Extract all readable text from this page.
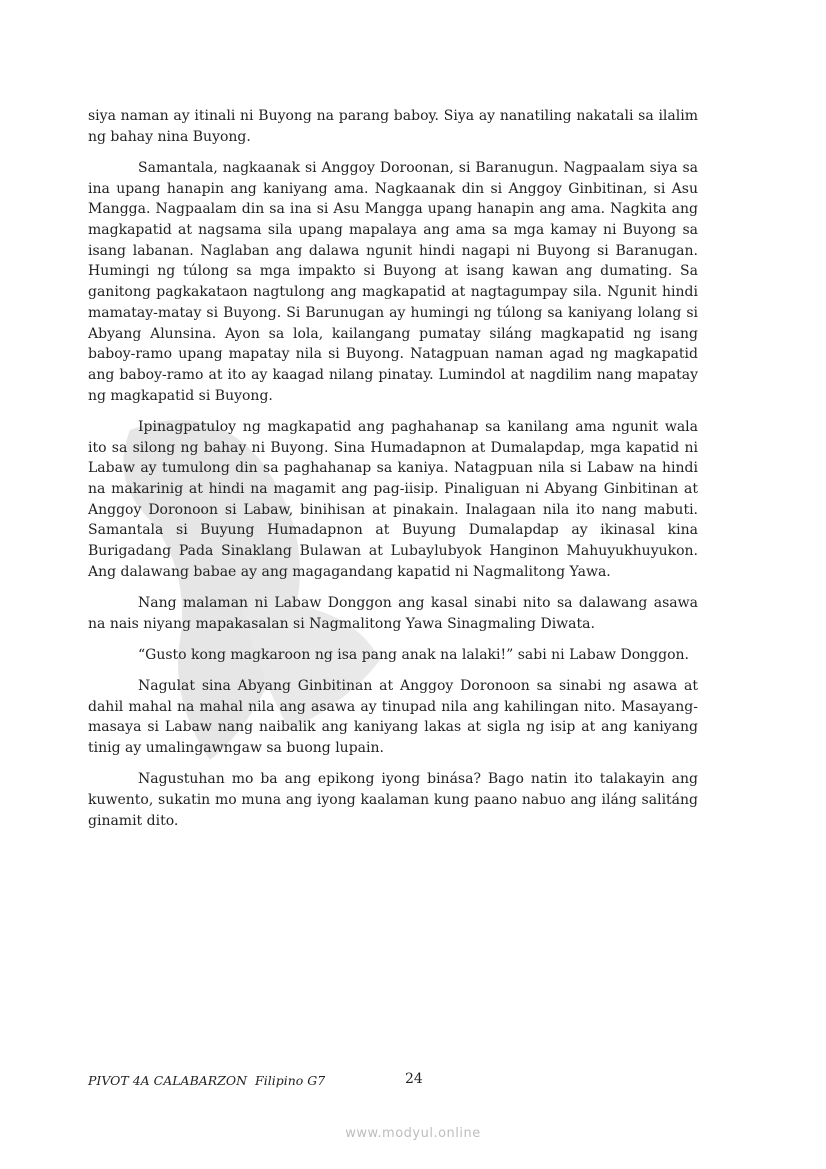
siya naman ay itinali ni Buyong na parang baboy. Siya ay nanatiling nakatali sa ilalim ng bahay nina Buyong.

Samantala, nagkaanak si Anggoy Doroonan, si Baranugun. Nagpaalam siya sa ina upang hanapin ang kaniyang ama. Nagkaanak din si Anggoy Ginbitinan, si Asu Mangga. Nagpaalam din sa ina si Asu Mangga upang hanapin ang ama. Nagkita ang magkapatid at nagsama sila upang mapalaya ang ama sa mga kamay ni Buyong sa isang labanan. Naglaban ang dalawa ngunit hindi nagapi ni Buyong si Baranugan. Humingi ng túlong sa mga impakto si Buyong at isang kawan ang dumating. Sa ganitong pagkakataon nagtulong ang magkapatid at nagtagumpay sila. Ngunit hindi mamatay-matay si Buyong. Si Barunugan ay humingi ng túlong sa kaniyang lolang si Abyang Alunsina. Ayon sa lola, kailangang pumatay siláng magkapatid ng isang baboy-ramo upang mapatay nila si Buyong. Natagpuan naman agad ng magkapatid ang baboy-ramo at ito ay kaagad nilang pinatay. Lumindol at nagdilim nang mapatay ng magkapatid si Buyong.

Ipinagpatuloy ng magkapatid ang paghahanap sa kanilang ama ngunit wala ito sa silong ng bahay ni Buyong. Sina Humadapnon at Dumalapdap, mga kapatid ni Labaw ay tumulong din sa paghahanap sa kaniya. Natagpuan nila si Labaw na hindi na makarinig at hindi na magamit ang pag-iisip. Pinaliguan ni Abyang Ginbitinan at Anggoy Doronoon si Labaw, binihisan at pinakain. Inalagaan nila ito nang mabuti. Samantala si Buyung Humadapnon at Buyung Dumalapdap ay ikinasal kina Burigadang Pada Sinaklang Bulawan at Lubaylubyok Hanginon Mahuyukhuyukon. Ang dalawang babae ay ang magagandang kapatid ni Nagmalitong Yawa.

Nang malaman ni Labaw Donggon ang kasal sinabi nito sa dalawang asawa na nais niyang mapakasalan si Nagmalitong Yawa Sinagmaling Diwata.

“Gusto kong magkaroon ng isa pang anak na lalaki!” sabi ni Labaw Donggon.

Nagulat sina Abyang Ginbitinan at Anggoy Doronoon sa sinabi ng asawa at dahil mahal na mahal nila ang asawa ay tinupad nila ang kahilingan nito. Masayang-masaya si Labaw nang naibalik ang kaniyang lakas at sigla ng isip at ang kaniyang tinig ay umalingawngaw sa buong lupain.

Nagustuhan mo ba ang epikong iyong binása? Bago natin ito talakayin ang kuwento, sukatin mo muna ang iyong kaalaman kung paano nabuo ang iláng salitáng ginamit dito.

PIVOT 4A CALABARZON  Filipino G7	24
www.modyul.online
